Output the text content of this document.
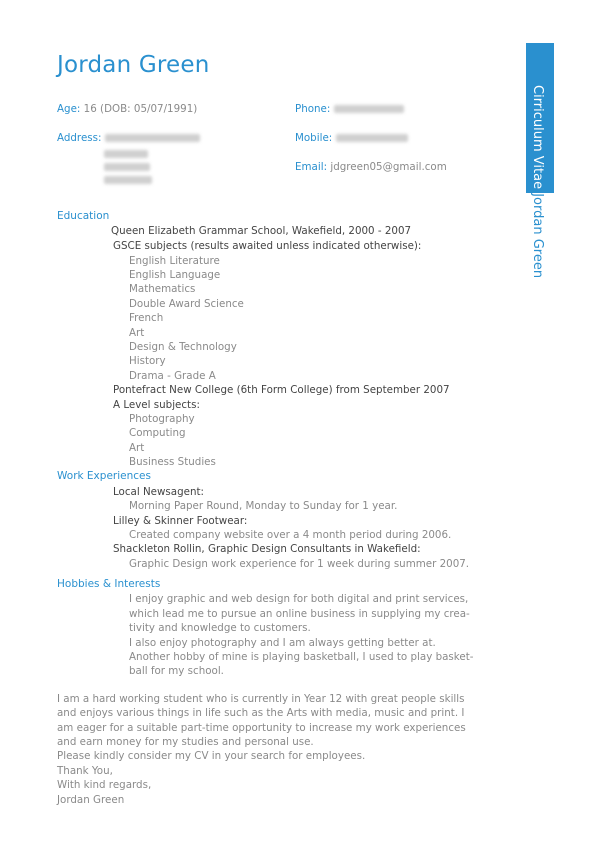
Cirriculum Vitae Jordan Green
Jordan Green
Age: 16 (DOB: 05/07/1991)
Address:
Phone:
Mobile:
Email: jdgreen05@gmail.com
Education
Queen Elizabeth Grammar School, Wakefield, 2000 - 2007
GSCE subjects (results awaited unless indicated otherwise):
English Literature
English Language
Mathematics
Double Award Science
French
Art
Design & Technology
History
Drama - Grade A
Pontefract New College (6th Form College) from September 2007
A Level subjects:
Photography
Computing
Art
Business Studies
Work Experiences
Local Newsagent:
Morning Paper Round, Monday to Sunday for 1 year.
Lilley & Skinner Footwear:
Created company website over a 4 month period during 2006.
Shackleton Rollin, Graphic Design Consultants in Wakefield:
Graphic Design work experience for 1 week during summer 2007.
Hobbies & Interests
I enjoy graphic and web design for both digital and print services,
which lead me to pursue an online business in supplying my crea-
tivity and knowledge to customers.
I also enjoy photography and I am always getting better at.
Another hobby of mine is playing basketball, I used to play basket-
ball for my school.
I am a hard working student who is currently in Year 12 with great people skills
and enjoys various things in life such as the Arts with media, music and print. I
am eager for a suitable part-time opportunity to increase my work experiences
and earn money for my studies and personal use.
Please kindly consider my CV in your search for employees.
Thank You,
With kind regards,
Jordan Green
